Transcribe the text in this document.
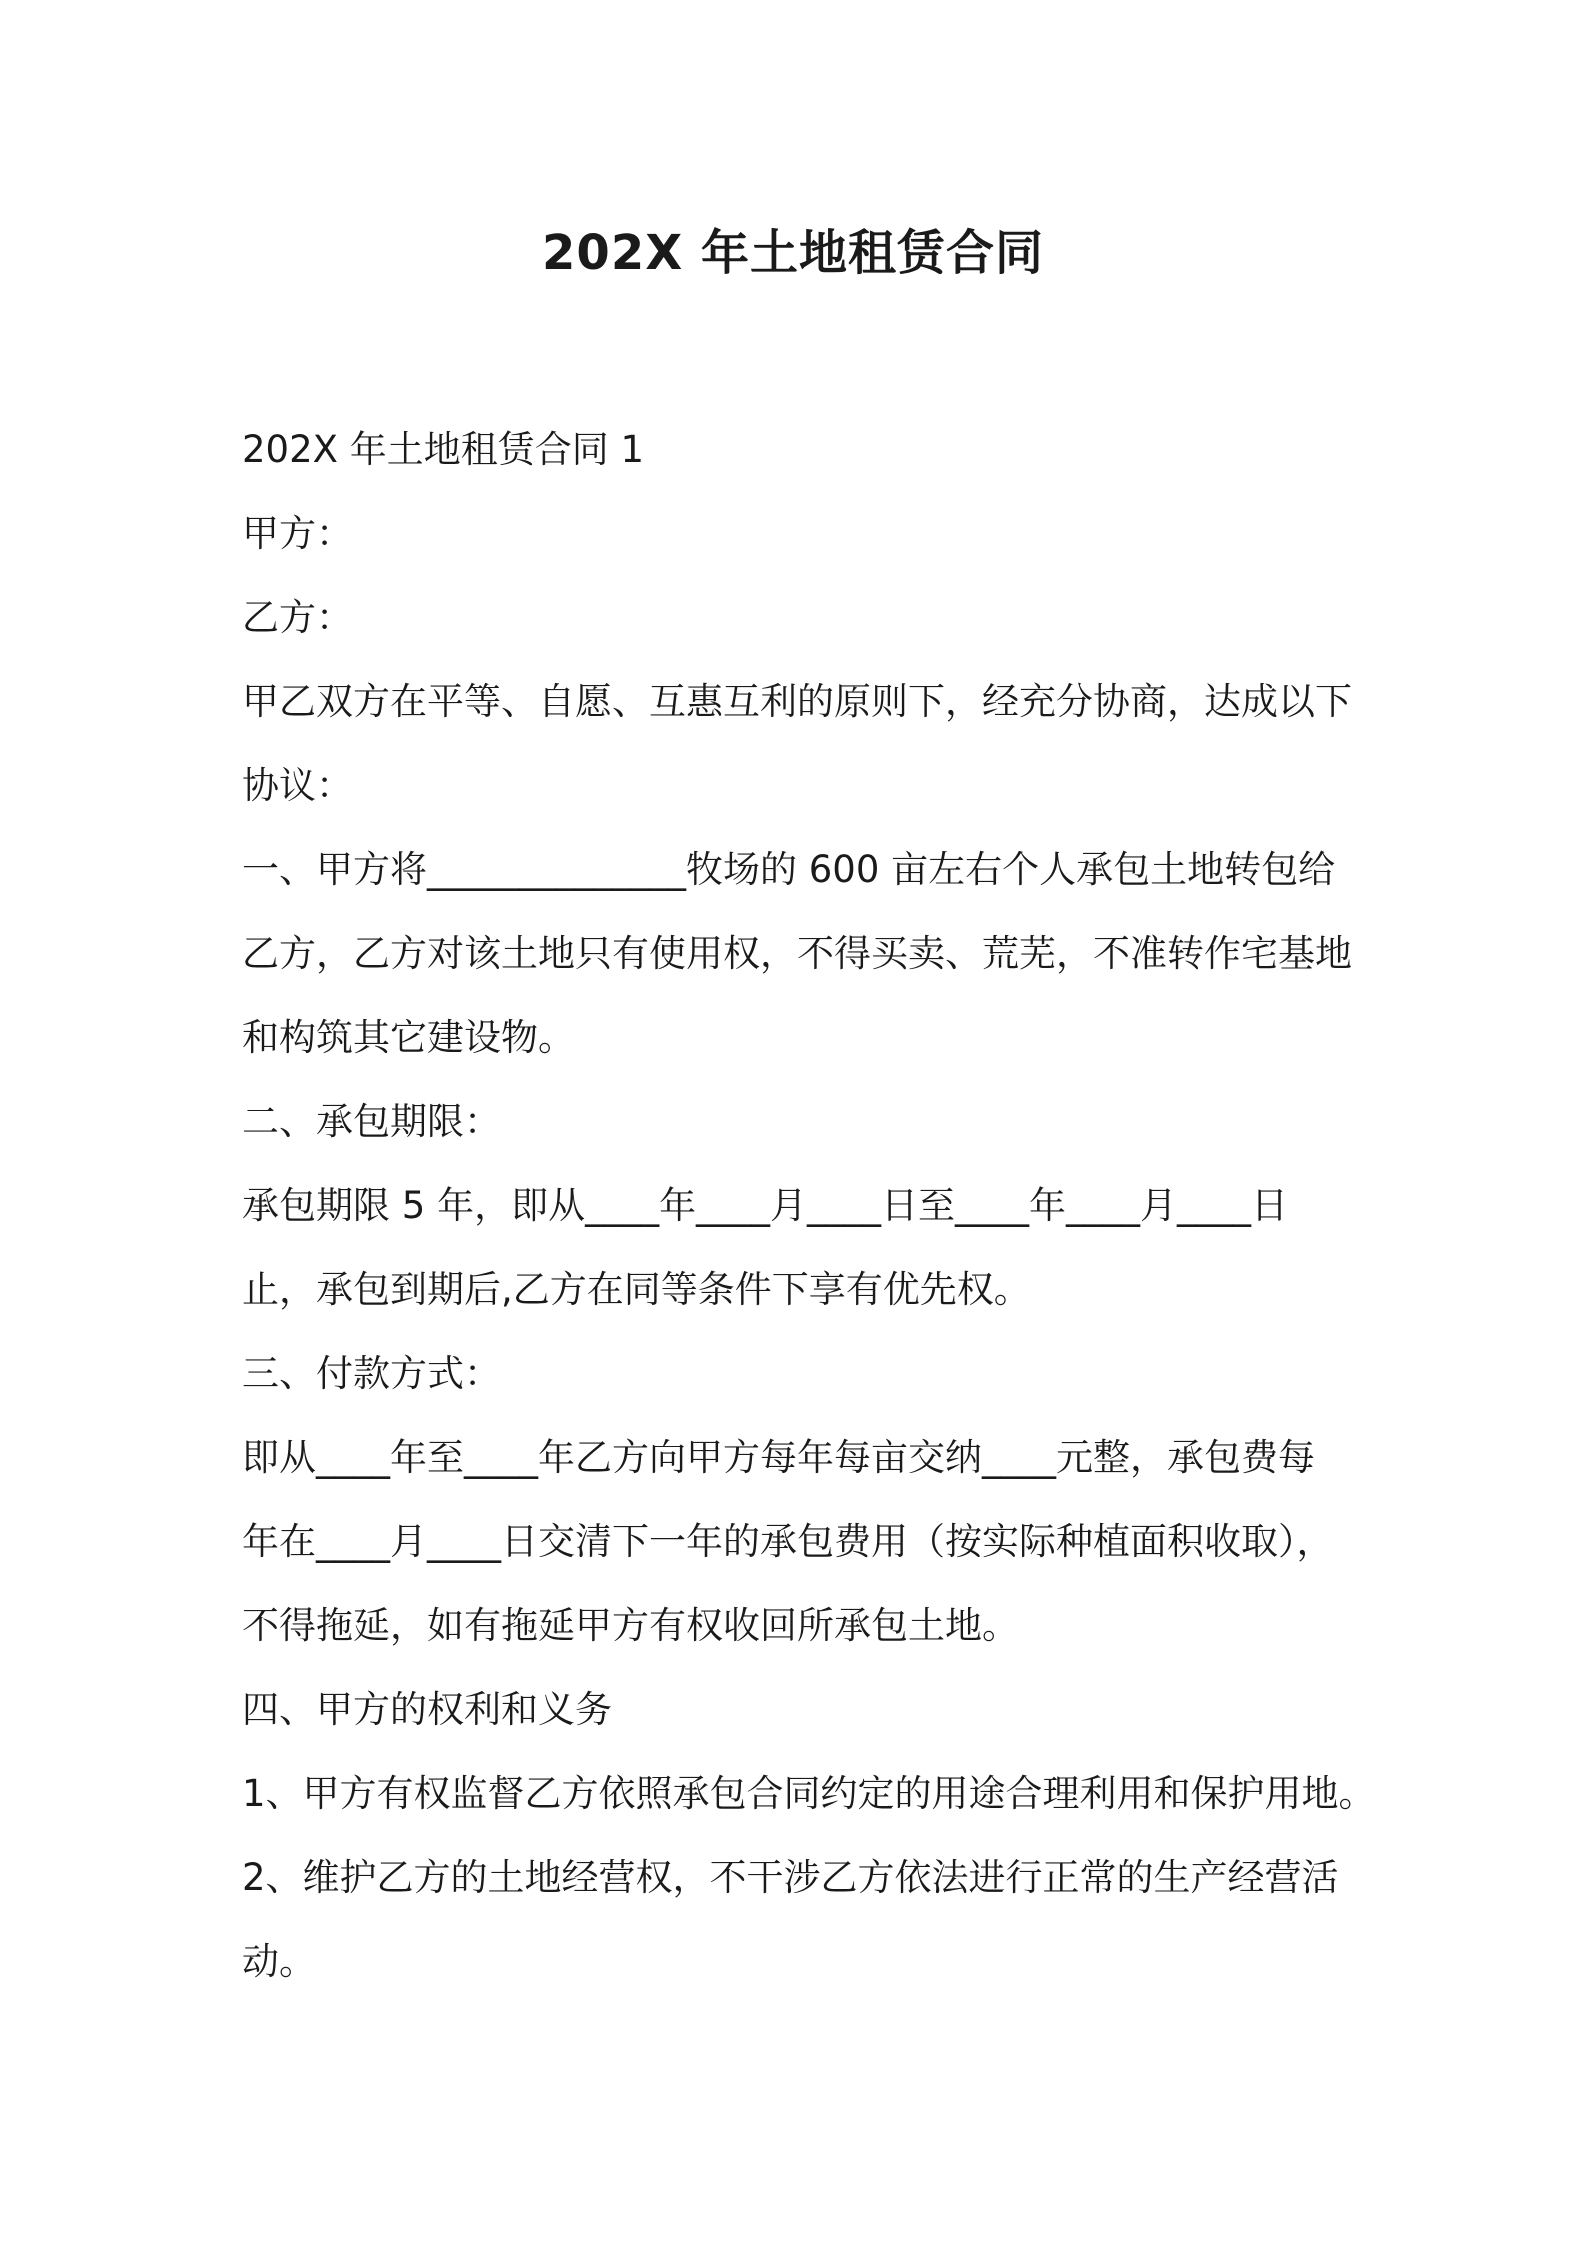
202X 年土地租赁合同

202X 年土地租赁合同 1

甲方：

乙方：

甲乙双方在平等、自愿、互惠互利的原则下，经充分协商，达成以下

协议：

一、甲方将______________牧场的 600 亩左右个人承包土地转包给

乙方，乙方对该土地只有使用权，不得买卖、荒芜，不准转作宅基地

和构筑其它建设物。

二、承包期限：

承包期限 5 年，即从____年____月____日至____年____月____日

止，承包到期后,乙方在同等条件下享有优先权。

三、付款方式：

即从____年至____年乙方向甲方每年每亩交纳____元整，承包费每

年在____月____日交清下一年的承包费用（按实际种植面积收取），

不得拖延，如有拖延甲方有权收回所承包土地。

四、甲方的权利和义务

1、甲方有权监督乙方依照承包合同约定的用途合理利用和保护用地。

2、维护乙方的土地经营权，不干涉乙方依法进行正常的生产经营活

动。
